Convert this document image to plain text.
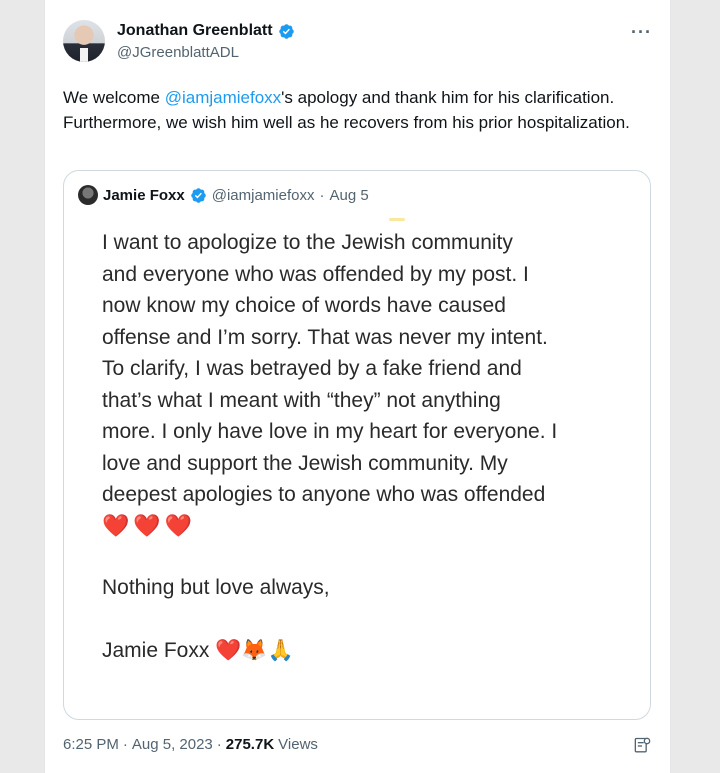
Jonathan Greenblatt
@JGreenblattADL
···
We welcome @iamjamiefoxx's apology and thank him for his clarification. Furthermore, we wish him well as he recovers from his prior hospitalization.
Jamie Foxx @iamjamiefoxx · Aug 5
I want to apologize to the Jewish community
and everyone who was offended by my post. I
now know my choice of words have caused
offense and I’m sorry. That was never my intent.
To clarify, I was betrayed by a fake friend and
that’s what I meant with “they” not anything
more. I only have love in my heart for everyone. I
love and support the Jewish community. My
deepest apologies to anyone who was offended
❤️❤️❤️
Nothing but love always,
Jamie Foxx ❤️🦊🙏
6:25 PM · Aug 5, 2023 · 275.7K Views
